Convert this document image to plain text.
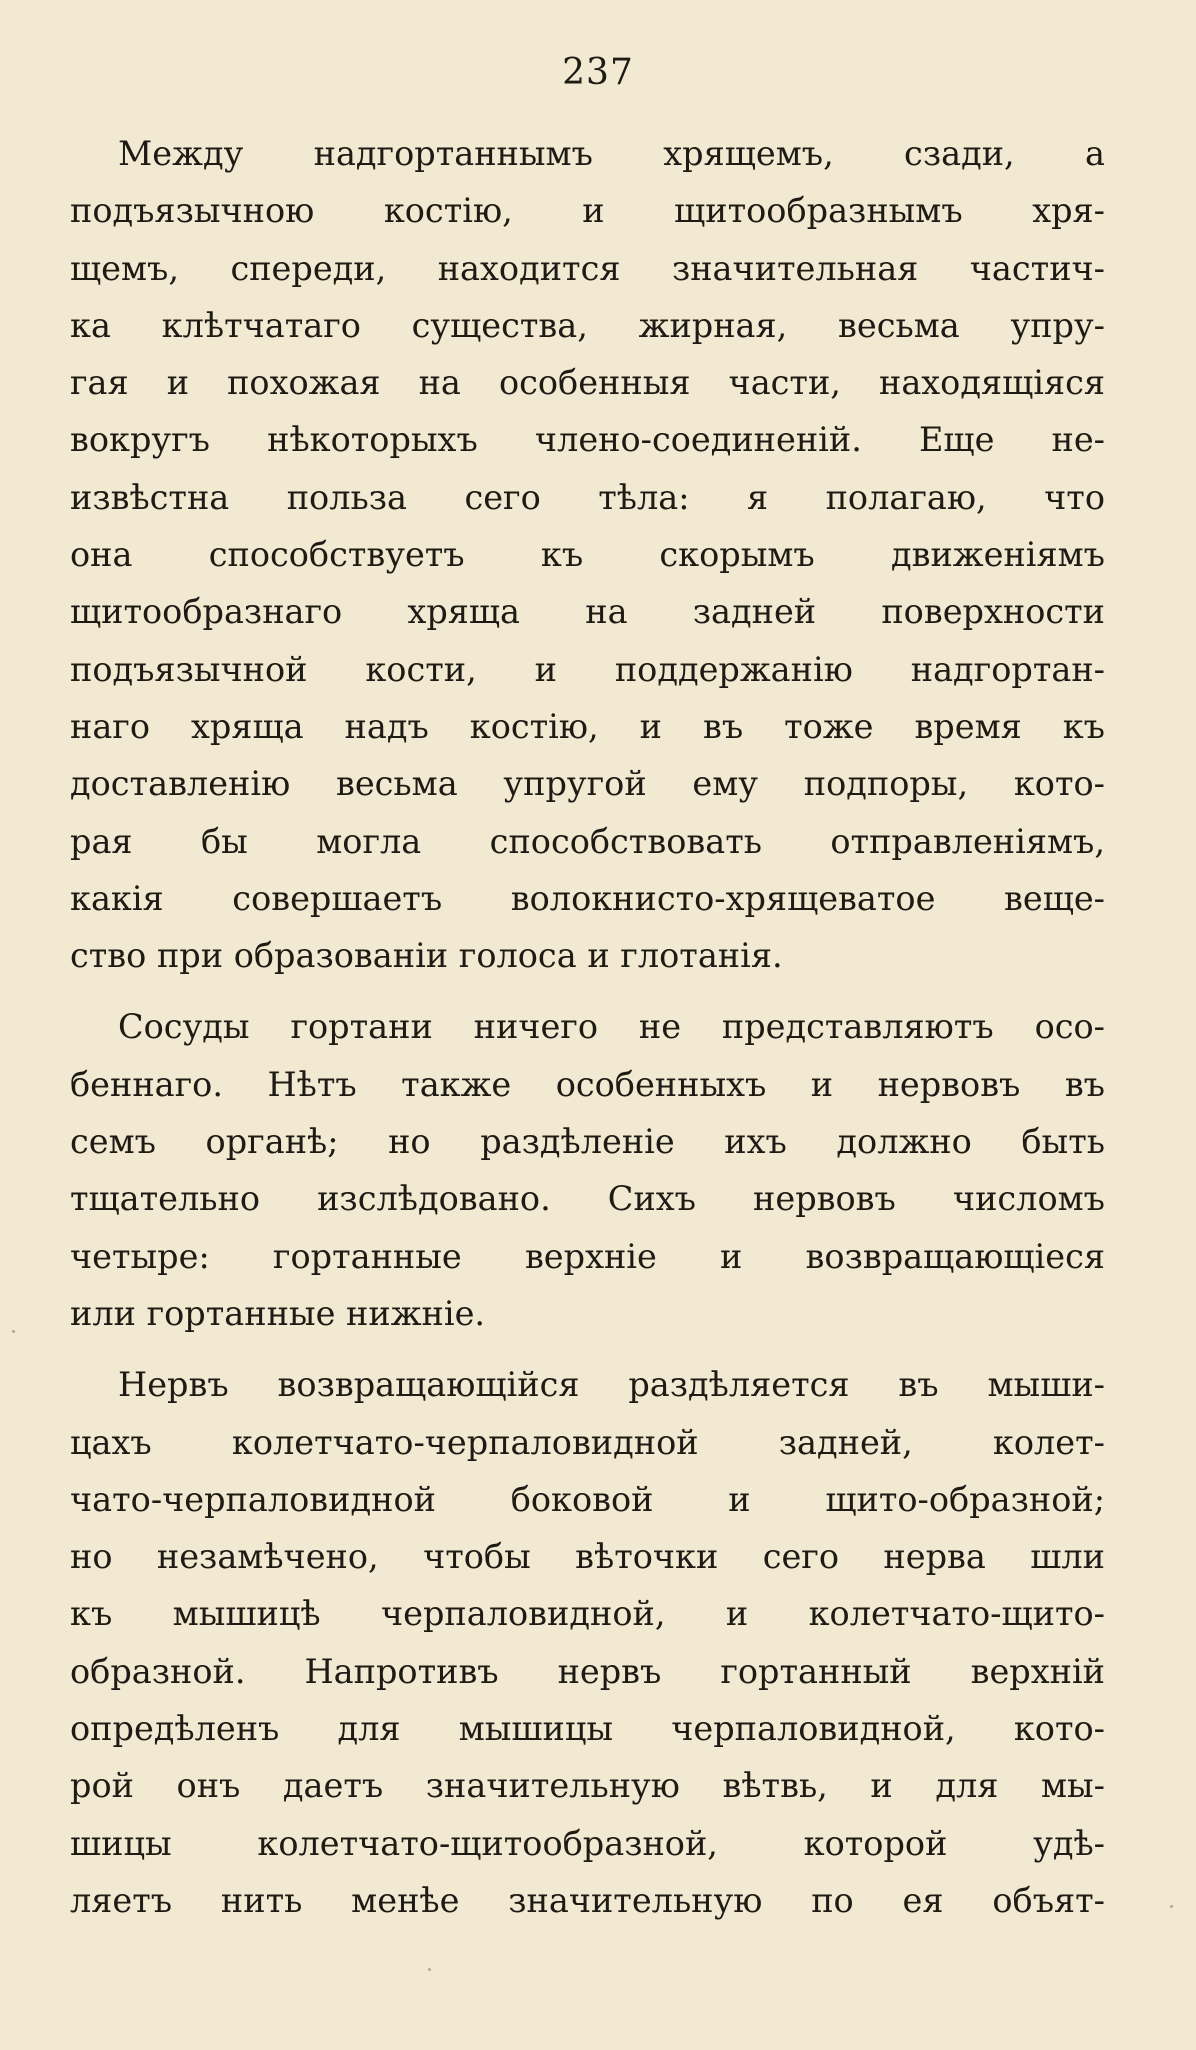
237
Между надгортаннымъ хрящемъ, сзади, а
подъязычною костію, и щитообразнымъ хря-
щемъ, спереди, находится значительная частич-
ка клѣтчатаго существа, жирная, весьма упру-
гая и похожая на особенныя части, находящіяся
вокругъ нѣкоторыхъ члено-соединеній. Еще не-
извѣстна польза сего тѣла: я полагаю, что
она способствуетъ къ скорымъ движеніямъ
щитообразнаго хряща на задней поверхности
подъязычной кости, и поддержанію надгортан-
наго хряща надъ костію, и въ тоже время къ
доставленію весьма упругой ему подпоры, кото-
рая бы могла способствовать отправленіямъ,
какія совершаетъ волокнисто-хрящеватое веще-
ство при образованіи голоса и глотанія.
Сосуды гортани ничего не представляютъ осо-
беннаго. Нѣтъ также особенныхъ и нервовъ въ
семъ органѣ; но раздѣленіе ихъ должно быть
тщательно изслѣдовано. Сихъ нервовъ числомъ
четыре: гортанные верхніе и возвращающіеся
или гортанные нижніе.
Нервъ возвращающійся раздѣляется въ мыши-
цахъ колетчато-черпаловидной задней, колет-
чато-черпаловидной боковой и щито-образной;
но незамѣчено, чтобы вѣточки сего нерва шли
къ мышицѣ черпаловидной, и колетчато-щито-
образной. Напротивъ нервъ гортанный верхній
опредѣленъ для мышицы черпаловидной, кото-
рой онъ даетъ значительную вѣтвь, и для мы-
шицы колетчато-щитообразной, которой удѣ-
ляетъ нить менѣе значительную по ея объят-
